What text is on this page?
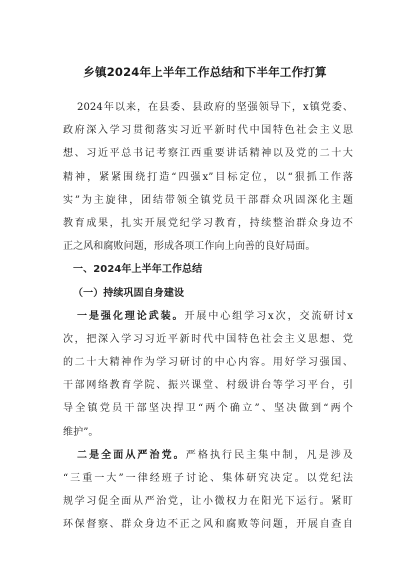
乡镇2024年上半年工作总结和下半年工作打算
2024年以来，在县委、县政府的坚强领导下，x镇党委、
政府深入学习贯彻落实习近平新时代中国特色社会主义思
想、习近平总书记考察江西重要讲话精神以及党的二十大
精神，紧紧围绕打造“四强x”目标定位，以“狠抓工作落
实”为主旋律，团结带领全镇党员干部群众巩固深化主题
教育成果，扎实开展党纪学习教育，持续整治群众身边不
正之风和腐败问题，形成各项工作向上向善的良好局面。
一、2024年上半年工作总结
（一）持续巩固自身建设
一是强化理论武装。开展中心组学习x次，交流研讨x
次，把深入学习习近平新时代中国特色社会主义思想、党
的二十大精神作为学习研讨的中心内容。用好学习强国、
干部网络教育学院、振兴课堂、村级讲台等学习平台，引
导全镇党员干部坚决捍卫“两个确立”、坚决做到“两个
维护”。
二是全面从严治党。严格执行民主集中制，凡是涉及
“三重一大”一律经班子讨论、集体研究决定。以党纪法
规学习促全面从严治党，让小微权力在阳光下运行。紧盯
环保督察、群众身边不正之风和腐败等问题，开展自查自
